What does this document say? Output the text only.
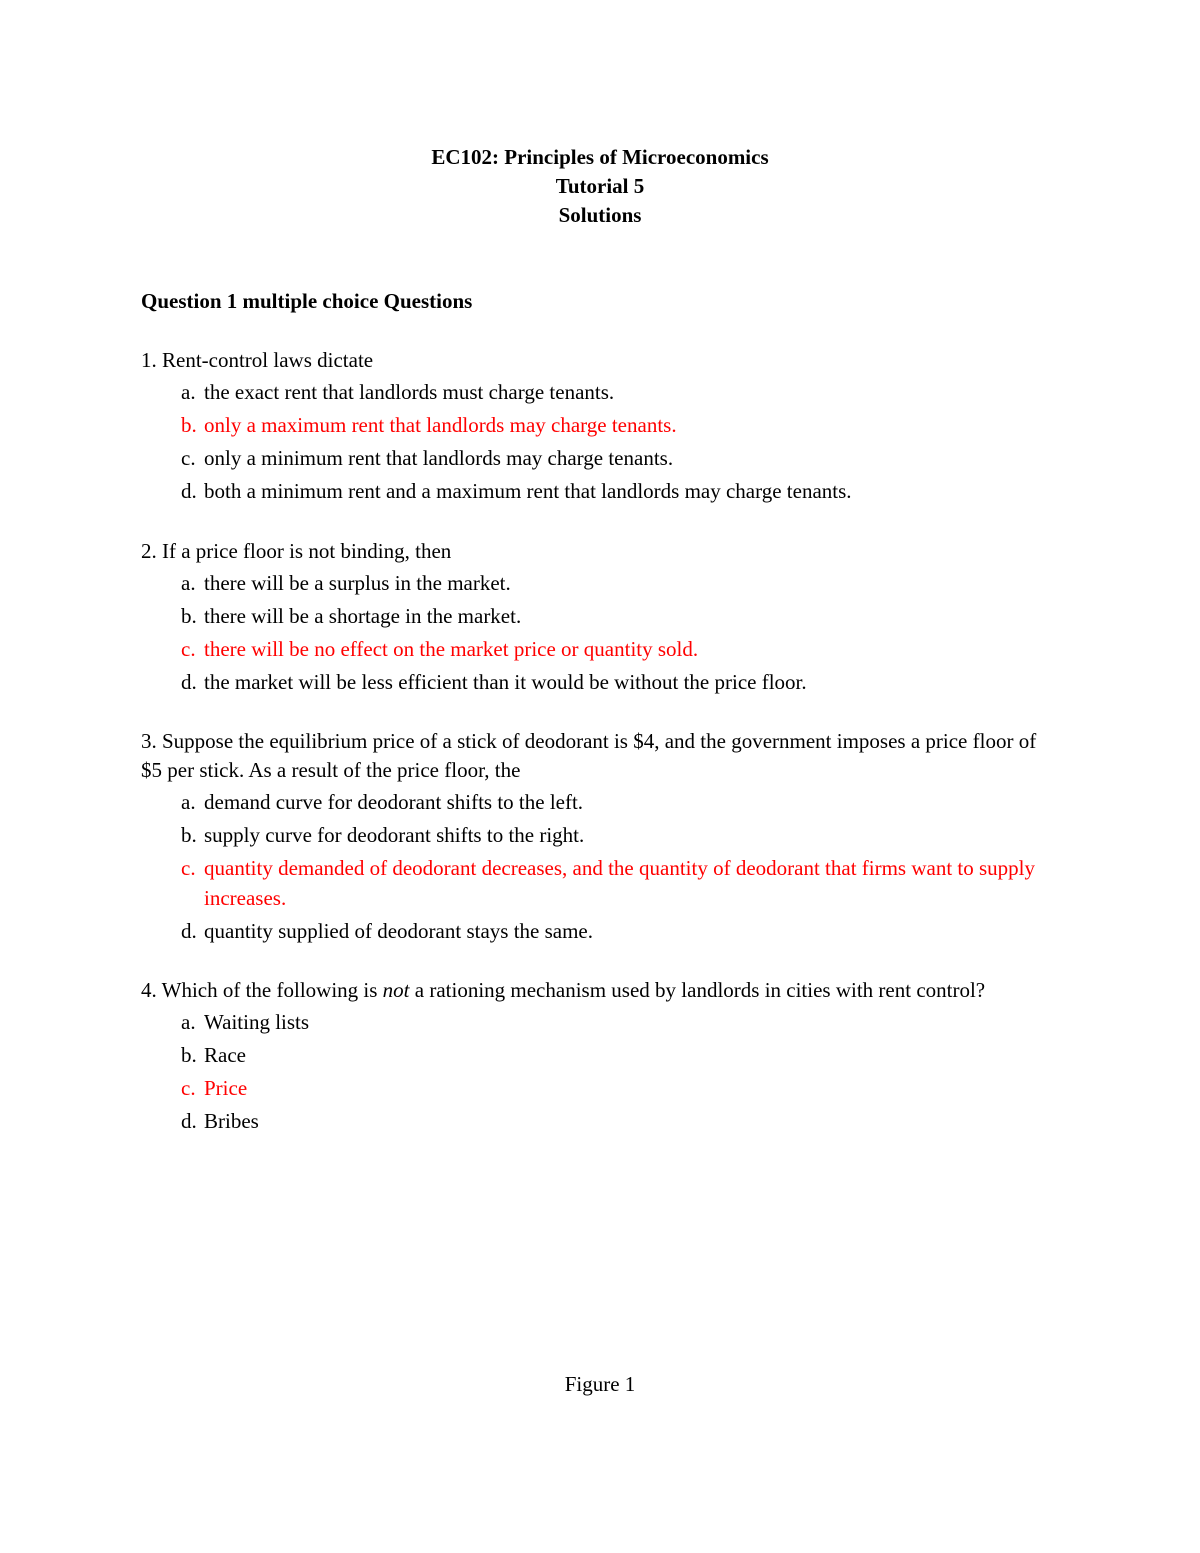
EC102: Principles of Microeconomics
Tutorial 5
Solutions
Question 1 multiple choice Questions
1. Rent-control laws dictate
a. the exact rent that landlords must charge tenants.
b. only a maximum rent that landlords may charge tenants.
c. only a minimum rent that landlords may charge tenants.
d. both a minimum rent and a maximum rent that landlords may charge tenants.
2. If a price floor is not binding, then
a. there will be a surplus in the market.
b. there will be a shortage in the market.
c. there will be no effect on the market price or quantity sold.
d. the market will be less efficient than it would be without the price floor.
3. Suppose the equilibrium price of a stick of deodorant is $4, and the government imposes a price floor of $5 per stick. As a result of the price floor, the
a. demand curve for deodorant shifts to the left.
b. supply curve for deodorant shifts to the right.
c. quantity demanded of deodorant decreases, and the quantity of deodorant that firms want to supply increases.
d. quantity supplied of deodorant stays the same.
4. Which of the following is not a rationing mechanism used by landlords in cities with rent control?
a. Waiting lists
b. Race
c. Price
d. Bribes
Figure 1
